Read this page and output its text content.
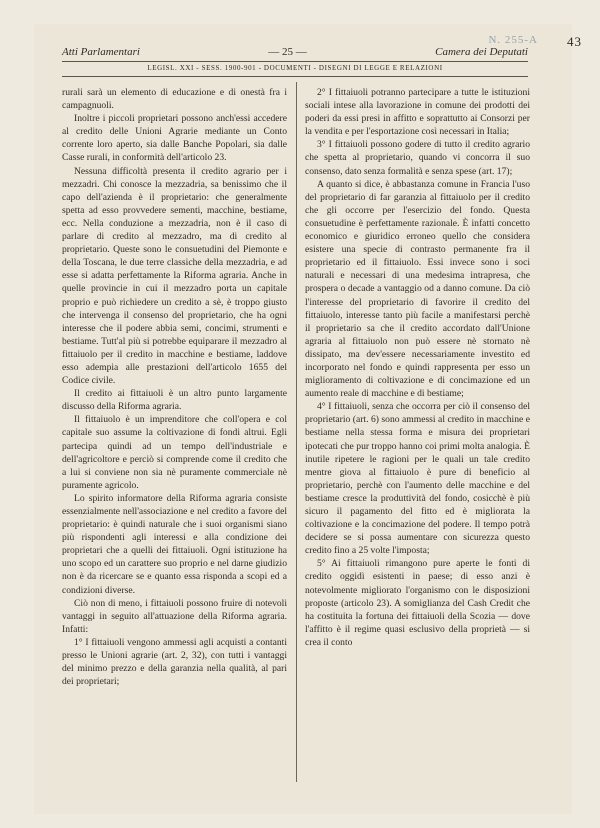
43
Atti Parlamentari	— 25 —	Camera dei Deputati
N. 255-A
LEGISL. XXI - SESS. 1900-901 - DOCUMENTI - DISEGNI DI LEGGE E RELAZIONI

rurali sarà un elemento di educazione e di onestà fra i campagnuoli.

Inoltre i piccoli proprietari possono anch'essi accedere al credito delle Unioni Agrarie mediante un Conto corrente loro aperto, sia dalle Banche Popolari, sia dalle Casse rurali, in conformità dell'articolo 23.

Nessuna difficoltà presenta il credito agrario per i mezzadri. Chi conosce la mezzadria, sa benissimo che il capo dell'azienda è il proprietario: che generalmente spetta ad esso provvedere sementi, macchine, bestiame, ecc. Nella conduzione a mezzadria, non è il caso di parlare di credito al mezzadro, ma di credito al proprietario. Queste sono le consuetudini del Piemonte e della Toscana, le due terre classiche della mezzadria, e ad esse si adatta perfettamente la Riforma agraria. Anche in quelle provincie in cui il mezzadro porta un capitale proprio e può richiedere un credito a sè, è troppo giusto che intervenga il consenso del proprietario, che ha ogni interesse che il podere abbia semi, concimi, strumenti e bestiame. Tutt'al più si potrebbe equiparare il mezzadro al fittaiuolo per il credito in macchine e bestiame, laddove esso adempia alle prestazioni dell'articolo 1655 del Codice civile.

Il credito ai fittaiuoli è un altro punto largamente discusso della Riforma agraria.

Il fittaiuolo è un imprenditore che coll'opera e col capitale suo assume la coltivazione di fondi altrui. Egli partecipa quindi ad un tempo dell'industriale e dell'agricoltore e perciò si comprende come il credito che a lui si conviene non sia nè puramente commerciale nè puramente agricolo.

Lo spirito informatore della Riforma agraria consiste essenzialmente nell'associazione e nel credito a favore del proprietario: è quindi naturale che i suoi organismi siano più rispondenti agli interessi e alla condizione dei proprietari che a quelli dei fittaiuoli. Ogni istituzione ha uno scopo ed un carattere suo proprio e nel darne giudizio non è da ricercare se e quanto essa risponda a scopi ed a condizioni diverse.

Ciò non di meno, i fittaiuoli possono fruire di notevoli vantaggi in seguito all'attuazione della Riforma agraria. Infatti:

1° I fittaiuoli vengono ammessi agli acquisti a contanti presso le Unioni agrarie (art. 2, 32), con tutti i vantaggi del minimo prezzo e della garanzia nella qualità, al pari dei proprietari;

2° I fittaiuoli potranno partecipare a tutte le istituzioni sociali intese alla lavorazione in comune dei prodotti dei poderi da essi presi in affitto e soprattutto ai Consorzi per la vendita e per l'esportazione così necessari in Italia;

3° I fittaiuoli possono godere di tutto il credito agrario che spetta al proprietario, quando vi concorra il suo consenso, dato senza formalità e senza spese (art. 17);

A quanto si dice, è abbastanza comune in Francia l'uso del proprietario di far garanzia al fittaiuolo per il credito che gli occorre per l'esercizio del fondo. Questa consuetudine è perfettamente razionale. È infatti concetto economico e giuridico erroneo quello che considera esistere una specie di contrasto permanente fra il proprietario ed il fittaiuolo. Essi invece sono i soci naturali e necessari di una medesima intrapresa, che prospera o decade a vantaggio od a danno comune. Da ciò l'interesse del proprietario di favorire il credito del fittaiuolo, interesse tanto più facile a manifestarsi perchè il proprietario sa che il credito accordato dall'Unione agraria al fittaiuolo non può essere nè stornato nè dissipato, ma dev'essere necessariamente investito ed incorporato nel fondo e quindi rappresenta per esso un miglioramento di coltivazione e di concimazione ed un aumento reale di macchine e di bestiame;

4° I fittaiuoli, senza che occorra per ciò il consenso del proprietario (art. 6) sono ammessi al credito in macchine e bestiame nella stessa forma e misura dei proprietari ipotecati che pur troppo hanno coi primi molta analogia. È inutile ripetere le ragioni per le quali un tale credito mentre giova al fittaiuolo è pure di beneficio al proprietario, perchè con l'aumento delle macchine e del bestiame cresce la produttività del fondo, cosicchè è più sicuro il pagamento del fitto ed è migliorata la coltivazione e la concimazione del podere. Il tempo potrà decidere se si possa aumentare con sicurezza questo credito fino a 25 volte l'imposta;

5° Ai fittaiuoli rimangono pure aperte le fonti di credito oggidì esistenti in paese; di esso anzi è notevolmente migliorato l'organismo con le disposizioni proposte (articolo 23). A somiglianza del Cash Credit che ha costituita la fortuna dei fittaiuoli della Scozia — dove l'affitto è il regime quasi esclusivo della proprietà — si crea il conto
